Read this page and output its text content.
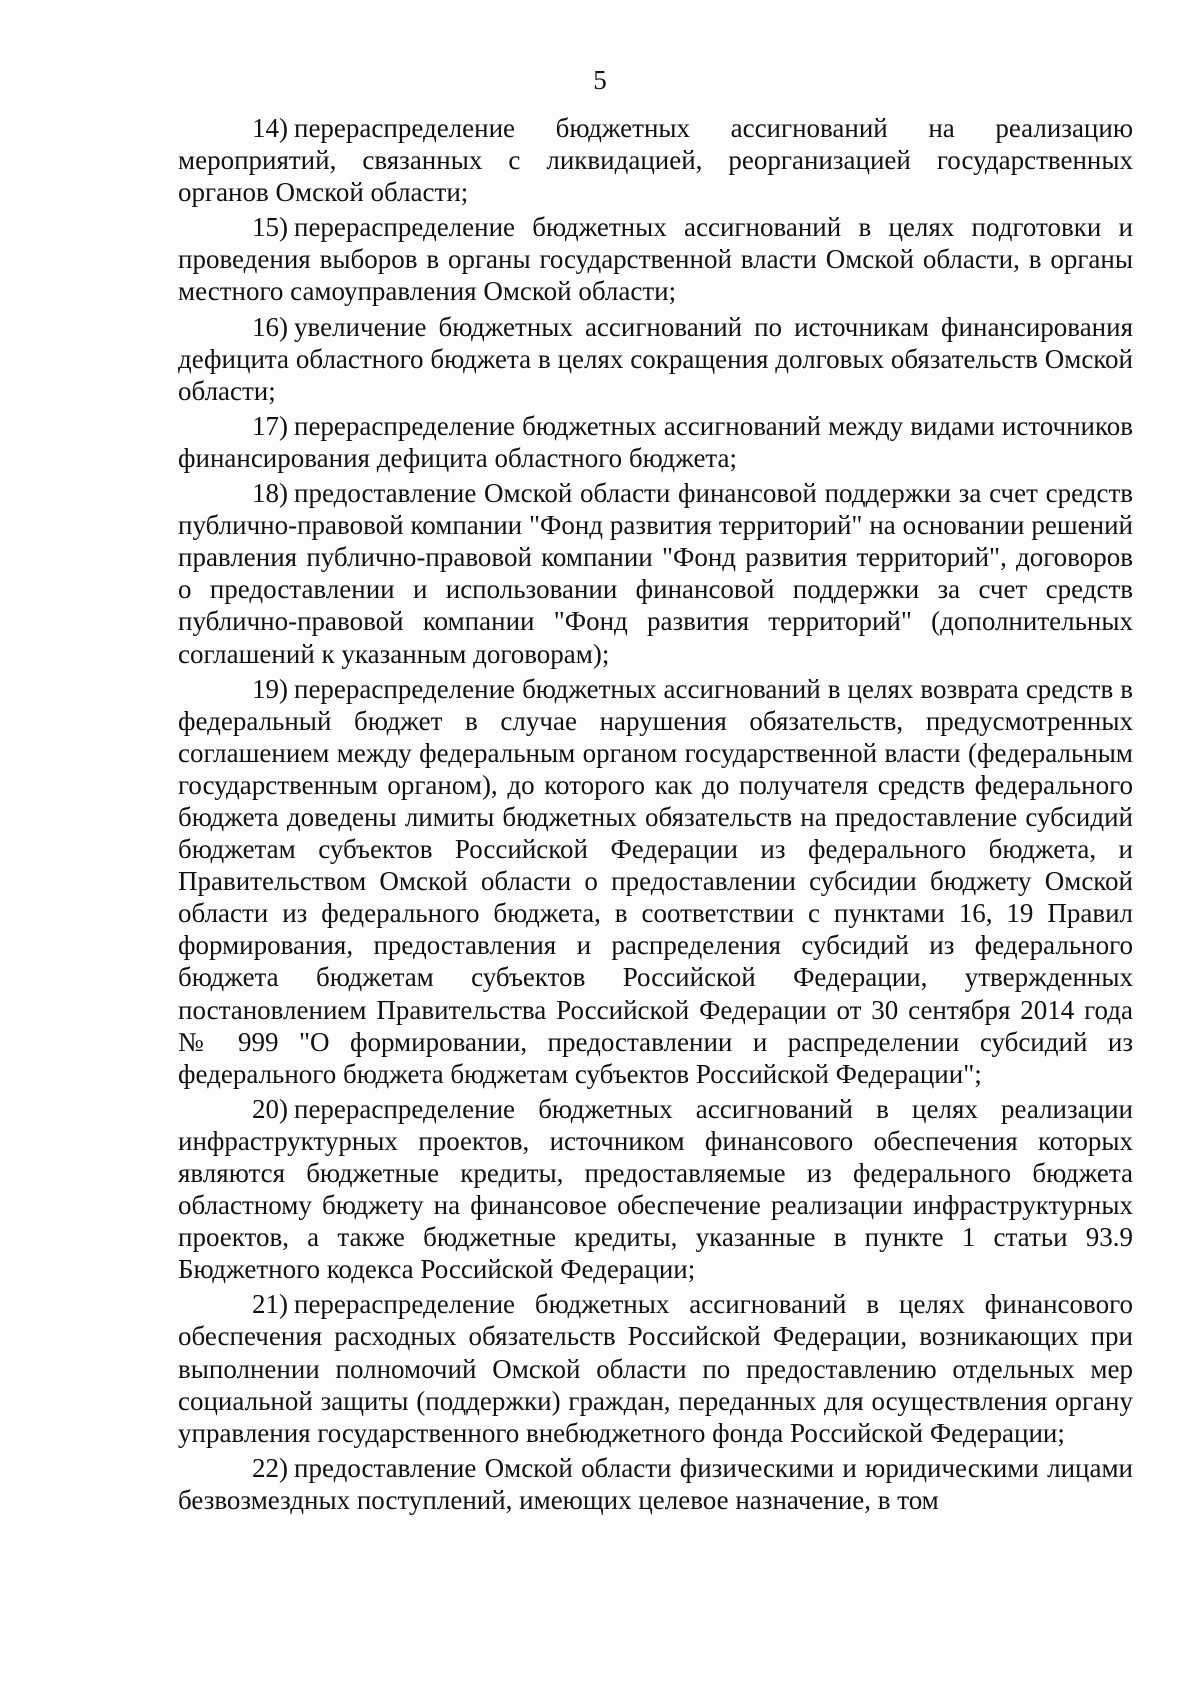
5

14) перераспределение бюджетных ассигнований на реализацию мероприятий, связанных с ликвидацией, реорганизацией государственных органов Омской области;

15) перераспределение бюджетных ассигнований в целях подготовки и проведения выборов в органы государственной власти Омской области, в органы местного самоуправления Омской области;

16) увеличение бюджетных ассигнований по источникам финансирования дефицита областного бюджета в целях сокращения долговых обязательств Омской области;

17) перераспределение бюджетных ассигнований между видами источников финансирования дефицита областного бюджета;

18) предоставление Омской области финансовой поддержки за счет средств публично-правовой компании "Фонд развития территорий" на основании решений правления публично-правовой компании "Фонд развития территорий", договоров о предоставлении и использовании финансовой поддержки за счет средств публично-правовой компании "Фонд развития территорий" (дополнительных соглашений к указанным договорам);

19) перераспределение бюджетных ассигнований в целях возврата средств в федеральный бюджет в случае нарушения обязательств, предусмотренных соглашением между федеральным органом государственной власти (федеральным государственным органом), до которого как до получателя средств федерального бюджета доведены лимиты бюджетных обязательств на предоставление субсидий бюджетам субъектов Российской Федерации из федерального бюджета, и Правительством Омской области о предоставлении субсидии бюджету Омской области из федерального бюджета, в соответствии с пунктами 16, 19 Правил формирования, предоставления и распределения субсидий из федерального бюджета бюджетам субъектов Российской Федерации, утвержденных постановлением Правительства Российской Федерации от 30 сентября 2014 года № 999 "О формировании, предоставлении и распределении субсидий из федерального бюджета бюджетам субъектов Российской Федерации";

20) перераспределение бюджетных ассигнований в целях реализации инфраструктурных проектов, источником финансового обеспечения которых являются бюджетные кредиты, предоставляемые из федерального бюджета областному бюджету на финансовое обеспечение реализации инфраструктурных проектов, а также бюджетные кредиты, указанные в пункте 1 статьи 93.9 Бюджетного кодекса Российской Федерации;

21) перераспределение бюджетных ассигнований в целях финансового обеспечения расходных обязательств Российской Федерации, возникающих при выполнении полномочий Омской области по предоставлению отдельных мер социальной защиты (поддержки) граждан, переданных для осуществления органу управления государственного внебюджетного фонда Российской Федерации;

22) предоставление Омской области физическими и юридическими лицами безвозмездных поступлений, имеющих целевое назначение, в том
